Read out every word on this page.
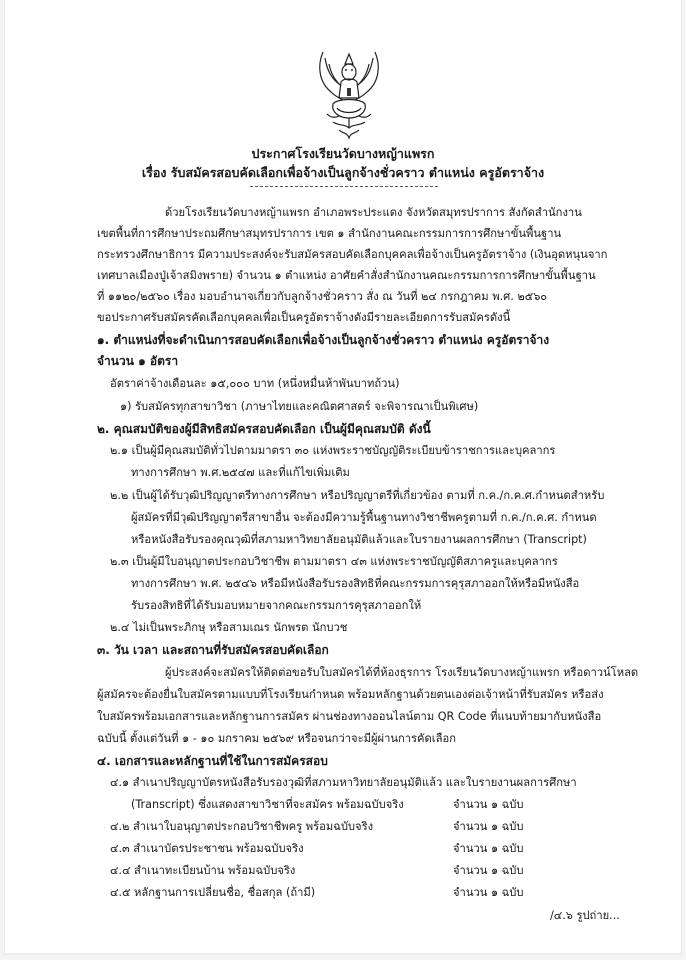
ประกาศโรงเรียนวัดบางหญ้าแพรก
เรื่อง รับสมัครสอบคัดเลือกเพื่อจ้างเป็นลูกจ้างชั่วคราว ตำแหน่ง ครูอัตราจ้าง
ด้วยโรงเรียนวัดบางหญ้าแพรก อำเภอพระประแดง จังหวัดสมุทรปราการ สังกัดสำนักงาน
เขตพื้นที่การศึกษาประถมศึกษาสมุทรปราการ เขต ๑ สำนักงานคณะกรรมการการศึกษาขั้นพื้นฐาน
กระทรวงศึกษาธิการ มีความประสงค์จะรับสมัครสอบคัดเลือกบุคคลเพื่อจ้างเป็นครูอัตราจ้าง (เงินอุดหนุนจาก
เทศบาลเมืองปู่เจ้าสมิงพราย) จำนวน ๑ ตำแหน่ง อาศัยคำสั่งสำนักงานคณะกรรมการการศึกษาขั้นพื้นฐาน
ที่ ๑๑๒๐/๒๕๖๐ เรื่อง มอบอำนาจเกี่ยวกับลูกจ้างชั่วคราว สั่ง ณ วันที่ ๒๔ กรกฎาคม พ.ศ. ๒๕๖๐
ขอประกาศรับสมัครคัดเลือกบุคคลเพื่อเป็นครูอัตราจ้างดังมีรายละเอียดการรับสมัครดังนี้
๑. ตำแหน่งที่จะดำเนินการสอบคัดเลือกเพื่อจ้างเป็นลูกจ้างชั่วคราว ตำแหน่ง ครูอัตราจ้าง
จำนวน ๑ อัตรา
อัตราค่าจ้างเดือนละ ๑๕,๐๐๐ บาท (หนึ่งหมื่นห้าพันบาทถ้วน)
๑) รับสมัครทุกสาขาวิชา (ภาษาไทยและคณิตศาสตร์ จะพิจารณาเป็นพิเศษ)
๒. คุณสมบัติของผู้มีสิทธิสมัครสอบคัดเลือก เป็นผู้มีคุณสมบัติ ดังนี้
๒.๑ เป็นผู้มีคุณสมบัติทั่วไปตามมาตรา ๓๐ แห่งพระราชบัญญัติระเบียบข้าราชการและบุคลากร
ทางการศึกษา พ.ศ.๒๕๔๗ และที่แก้ไขเพิ่มเติม
๒.๒ เป็นผู้ได้รับวุฒิปริญญาตรีทางการศึกษา หรือปริญญาตรีที่เกี่ยวข้อง ตามที่ ก.ค./ก.ค.ศ.กำหนดสำหรับ
ผู้สมัครที่มีวุฒิปริญญาตรีสาขาอื่น จะต้องมีความรู้พื้นฐานทางวิชาชีพครูตามที่ ก.ค./ก.ค.ศ. กำหนด
หรือหนังสือรับรองคุณวุฒิที่สภามหาวิทยาลัยอนุมัติแล้วและใบรายงานผลการศึกษา (Transcript)
๒.๓ เป็นผู้มีใบอนุญาตประกอบวิชาชีพ ตามมาตรา ๔๓ แห่งพระราชบัญญัติสภาครูและบุคลากร
ทางการศึกษา พ.ศ. ๒๕๔๖ หรือมีหนังสือรับรองสิทธิที่คณะกรรมการคุรุสภาออกให้หรือมีหนังสือ
รับรองสิทธิที่ได้รับมอบหมายจากคณะกรรมการคุรุสภาออกให้
๒.๔ ไม่เป็นพระภิกษุ หรือสามเณร นักพรต นักบวช
๓. วัน เวลา และสถานที่รับสมัครสอบคัดเลือก
ผู้ประสงค์จะสมัครให้ติดต่อขอรับใบสมัครได้ที่ห้องธุรการ โรงเรียนวัดบางหญ้าแพรก หรือดาวน์โหลด
ผู้สมัครจะต้องยื่นใบสมัครตามแบบที่โรงเรียนกำหนด พร้อมหลักฐานด้วยตนเองต่อเจ้าหน้าที่รับสมัคร หรือส่ง
ใบสมัครพร้อมเอกสารและหลักฐานการสมัคร ผ่านช่องทางออนไลน์ตาม QR Code ที่แนบท้ายมากับหนังสือ
ฉบับนี้ ตั้งแต่วันที่ ๑ - ๑๐ มกราคม ๒๕๖๙ หรือจนกว่าจะมีผู้ผ่านการคัดเลือก
๔. เอกสารและหลักฐานที่ใช้ในการสมัครสอบ
๔.๑ สำเนาปริญญาบัตรหนังสือรับรองวุฒิที่สภามหาวิทยาลัยอนุมัติแล้ว และใบรายงานผลการศึกษา
(Transcript) ซึ่งแสดงสาขาวิชาที่จะสมัคร พร้อมฉบับจริง	จำนวน ๑ ฉบับ
๔.๒ สำเนาใบอนุญาตประกอบวิชาชีพครู พร้อมฉบับจริง	จำนวน ๑ ฉบับ
๔.๓ สำเนาบัตรประชาชน พร้อมฉบับจริง	จำนวน ๑ ฉบับ
๔.๔ สำเนาทะเบียนบ้าน พร้อมฉบับจริง	จำนวน ๑ ฉบับ
๔.๕ หลักฐานการเปลี่ยนชื่อ, ชื่อสกุล (ถ้ามี)	จำนวน ๑ ฉบับ
/๔.๖ รูปถ่าย...
